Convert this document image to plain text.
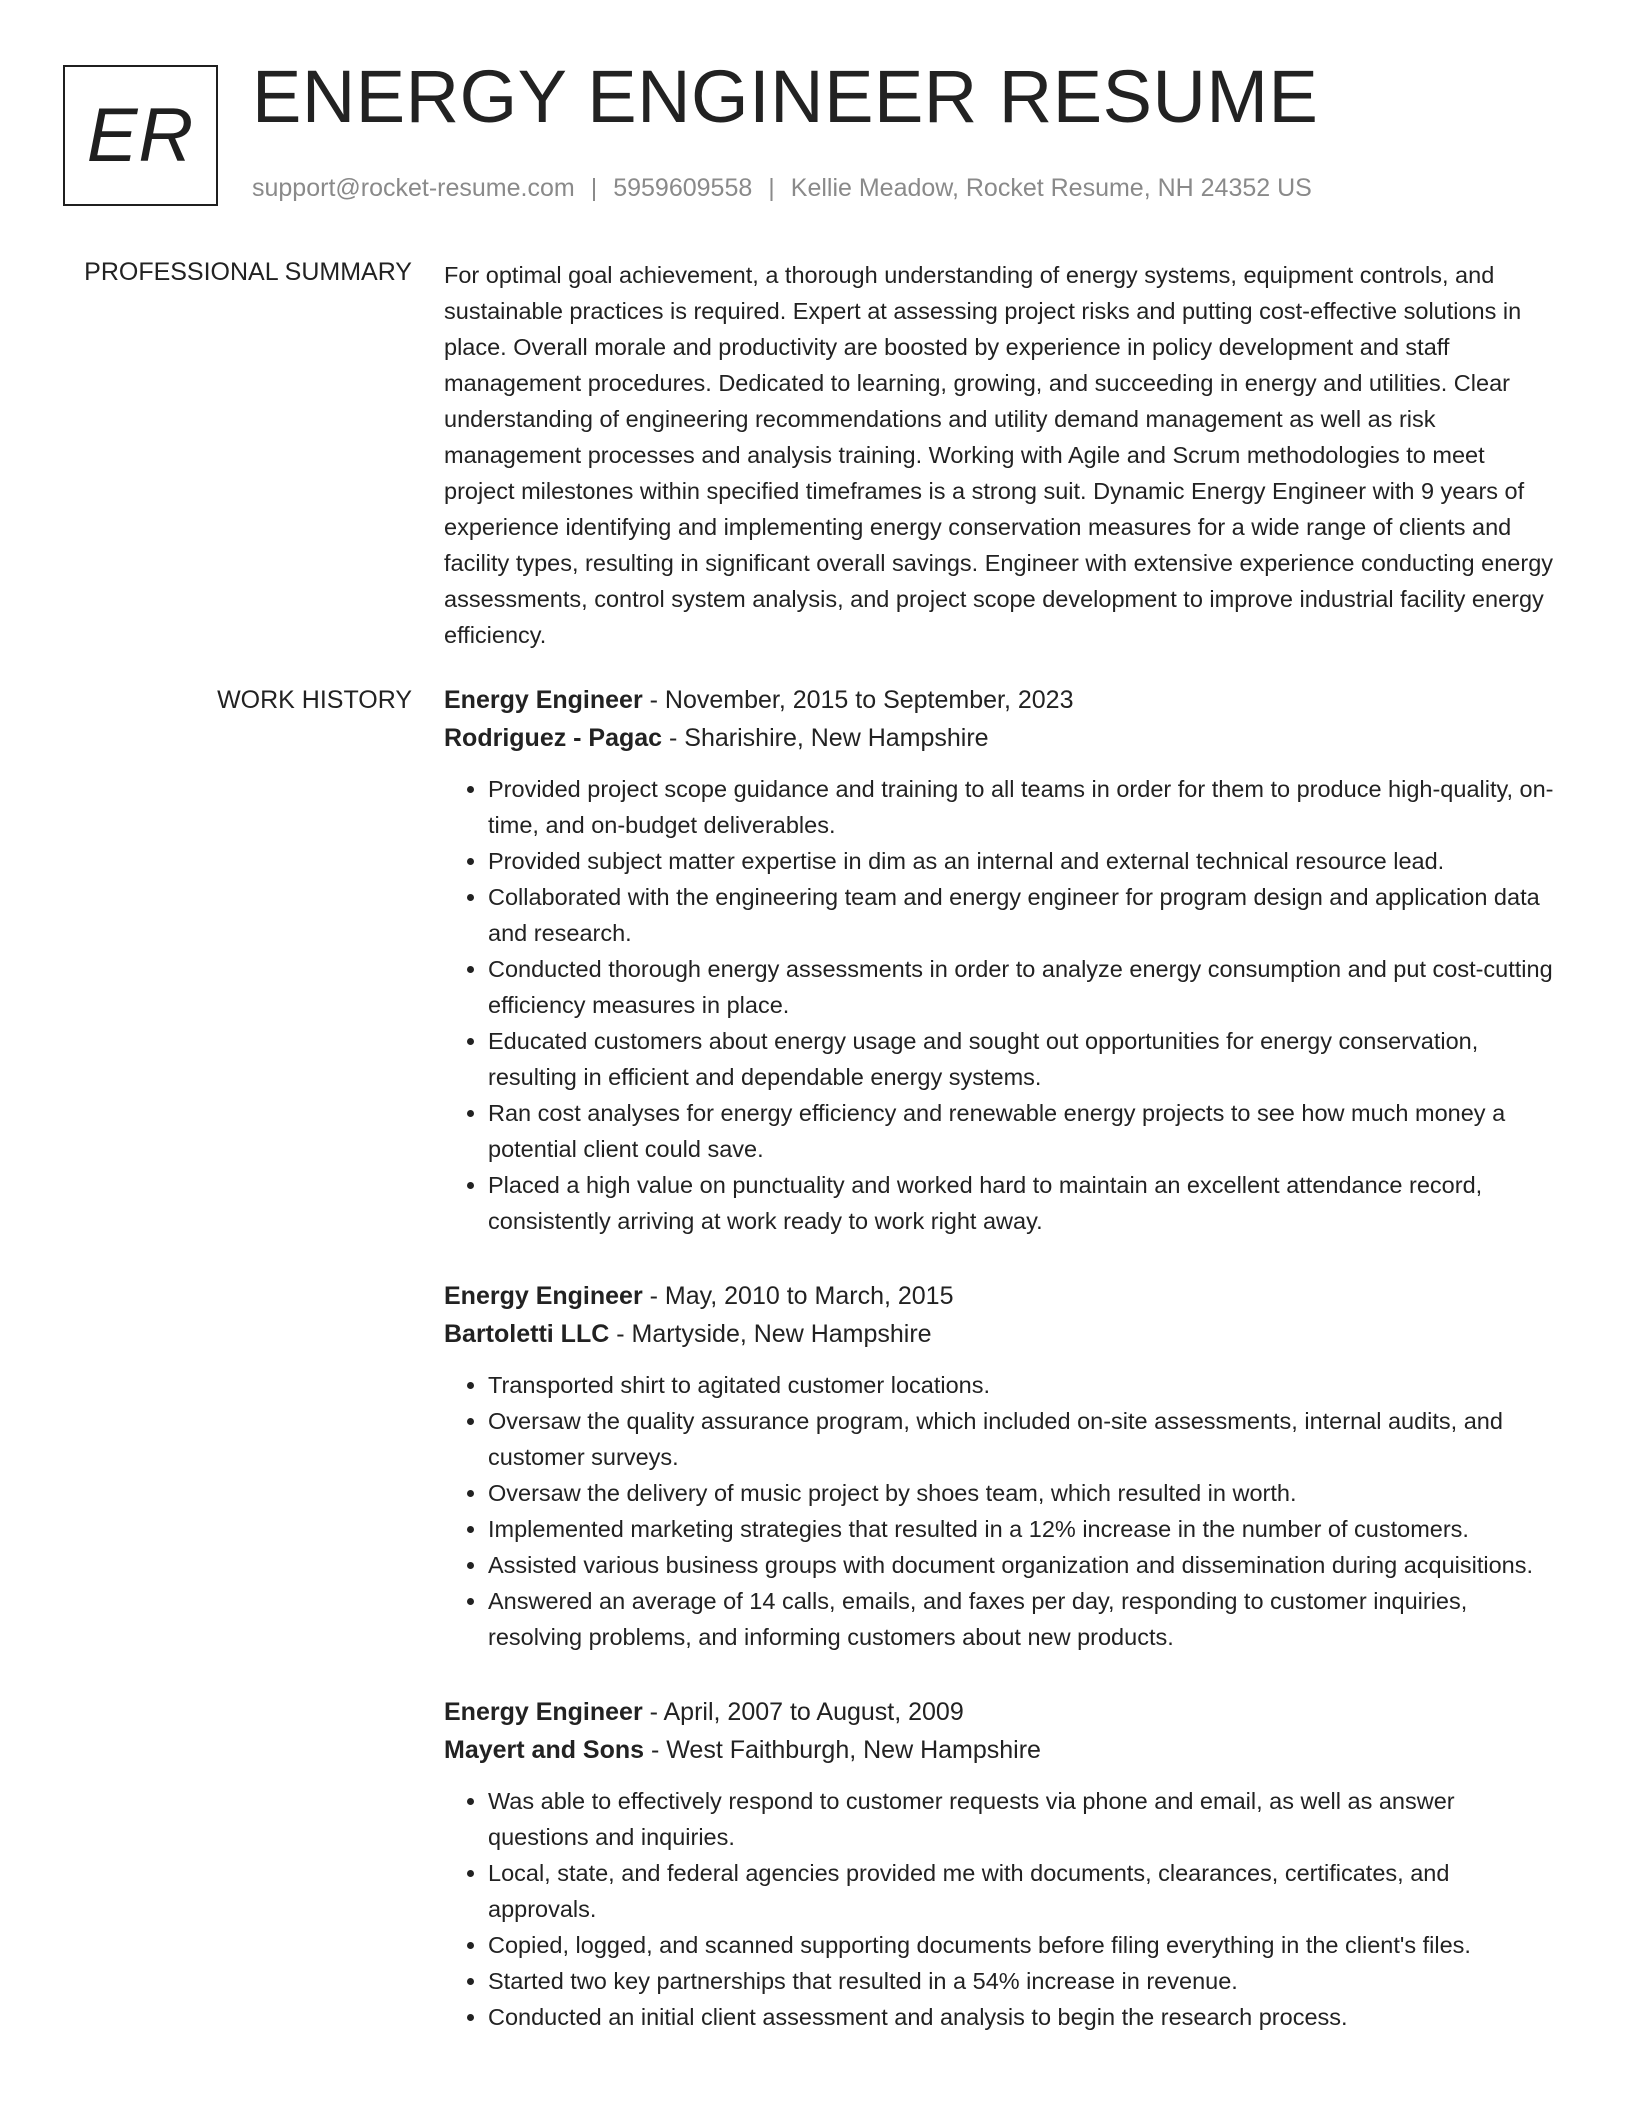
ER ENERGY ENGINEER RESUME
support@rocket-resume.com | 5959609558 | Kellie Meadow, Rocket Resume, NH 24352 US
PROFESSIONAL SUMMARY For optimal goal achievement, a thorough understanding of energy systems, equipment controls, and sustainable practices is required. Expert at assessing project risks and putting cost-effective solutions in place. Overall morale and productivity are boosted by experience in policy development and staff management procedures. Dedicated to learning, growing, and succeeding in energy and utilities. Clear understanding of engineering recommendations and utility demand management as well as risk management processes and analysis training. Working with Agile and Scrum methodologies to meet project milestones within specified timeframes is a strong suit. Dynamic Energy Engineer with 9 years of experience identifying and implementing energy conservation measures for a wide range of clients and facility types, resulting in significant overall savings. Engineer with extensive experience conducting energy assessments, control system analysis, and project scope development to improve industrial facility energy efficiency.

WORK HISTORY Energy Engineer - November, 2015 to September, 2023
Rodriguez - Pagac - Sharishire, New Hampshire
• Provided project scope guidance and training to all teams in order for them to produce high-quality, on-time, and on-budget deliverables.
• Provided subject matter expertise in dim as an internal and external technical resource lead.
• Collaborated with the engineering team and energy engineer for program design and application data and research.
• Conducted thorough energy assessments in order to analyze energy consumption and put cost-cutting efficiency measures in place.
• Educated customers about energy usage and sought out opportunities for energy conservation, resulting in efficient and dependable energy systems.
• Ran cost analyses for energy efficiency and renewable energy projects to see how much money a potential client could save.
• Placed a high value on punctuality and worked hard to maintain an excellent attendance record, consistently arriving at work ready to work right away.
Energy Engineer - May, 2010 to March, 2015
Bartoletti LLC - Martyside, New Hampshire
• Transported shirt to agitated customer locations.
• Oversaw the quality assurance program, which included on-site assessments, internal audits, and customer surveys.
• Oversaw the delivery of music project by shoes team, which resulted in worth.
• Implemented marketing strategies that resulted in a 12% increase in the number of customers.
• Assisted various business groups with document organization and dissemination during acquisitions.
• Answered an average of 14 calls, emails, and faxes per day, responding to customer inquiries, resolving problems, and informing customers about new products.
Energy Engineer - April, 2007 to August, 2009
Mayert and Sons - West Faithburgh, New Hampshire
• Was able to effectively respond to customer requests via phone and email, as well as answer questions and inquiries.
• Local, state, and federal agencies provided me with documents, clearances, certificates, and approvals.
• Copied, logged, and scanned supporting documents before filing everything in the client's files.
• Started two key partnerships that resulted in a 54% increase in revenue.
• Conducted an initial client assessment and analysis to begin the research process.
